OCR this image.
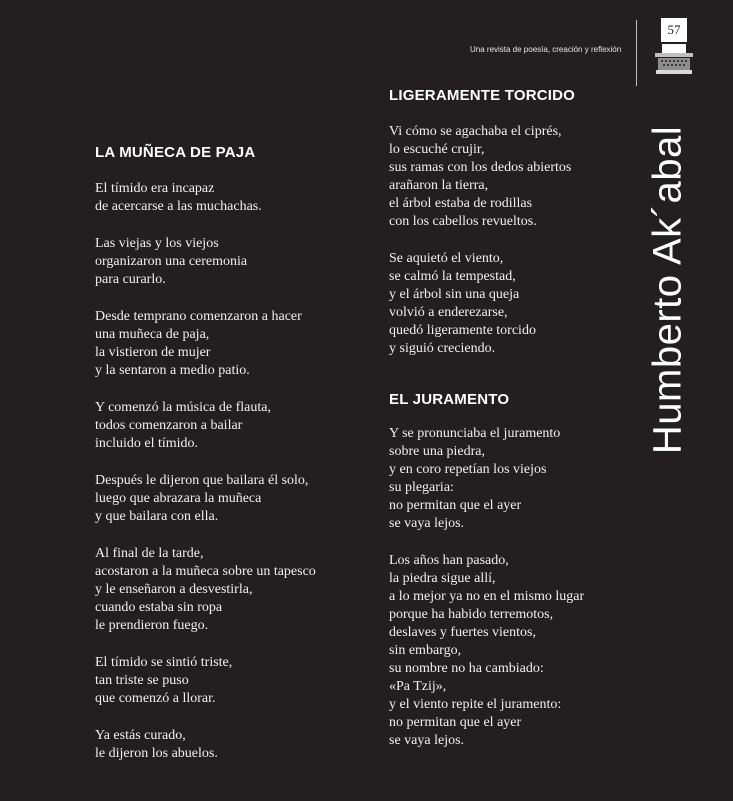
57
Una revista de poesía, creación y reflexión
Humberto Ak´abal
LA MUÑECA DE PAJA
El tímido era incapaz
de acercarse a las muchachas.
Las viejas y los viejos
organizaron una ceremonia
para curarlo.
Desde temprano comenzaron a hacer
una muñeca de paja,
la vistieron de mujer
y la sentaron a medio patio.
Y comenzó la música de flauta,
todos comenzaron a bailar
incluido el tímido.
Después le dijeron que bailara él solo,
luego que abrazara la muñeca
y que bailara con ella.
Al final de la tarde,
acostaron a la muñeca sobre un tapesco
y le enseñaron a desvestirla,
cuando estaba sin ropa
le prendieron fuego.
El tímido se sintió triste,
tan triste se puso
que comenzó a llorar.
Ya estás curado,
le dijeron los abuelos.
LIGERAMENTE TORCIDO
Vi cómo se agachaba el ciprés,
lo escuché crujir,
sus ramas con los dedos abiertos
arañaron la tierra,
el árbol estaba de rodillas
con los cabellos revueltos.
Se aquietó el viento,
se calmó la tempestad,
y el árbol sin una queja
volvió a enderezarse,
quedó ligeramente torcido
y siguió creciendo.
EL JURAMENTO
Y se pronunciaba el juramento
sobre una piedra,
y en coro repetían los viejos
su plegaria:
no permitan que el ayer
se vaya lejos.
Los años han pasado,
la piedra sigue allí,
a lo mejor ya no en el mismo lugar
porque ha habido terremotos,
deslaves y fuertes vientos,
sin embargo,
su nombre no ha cambiado:
«Pa Tzij»,
y el viento repite el juramento:
no permitan que el ayer
se vaya lejos.
